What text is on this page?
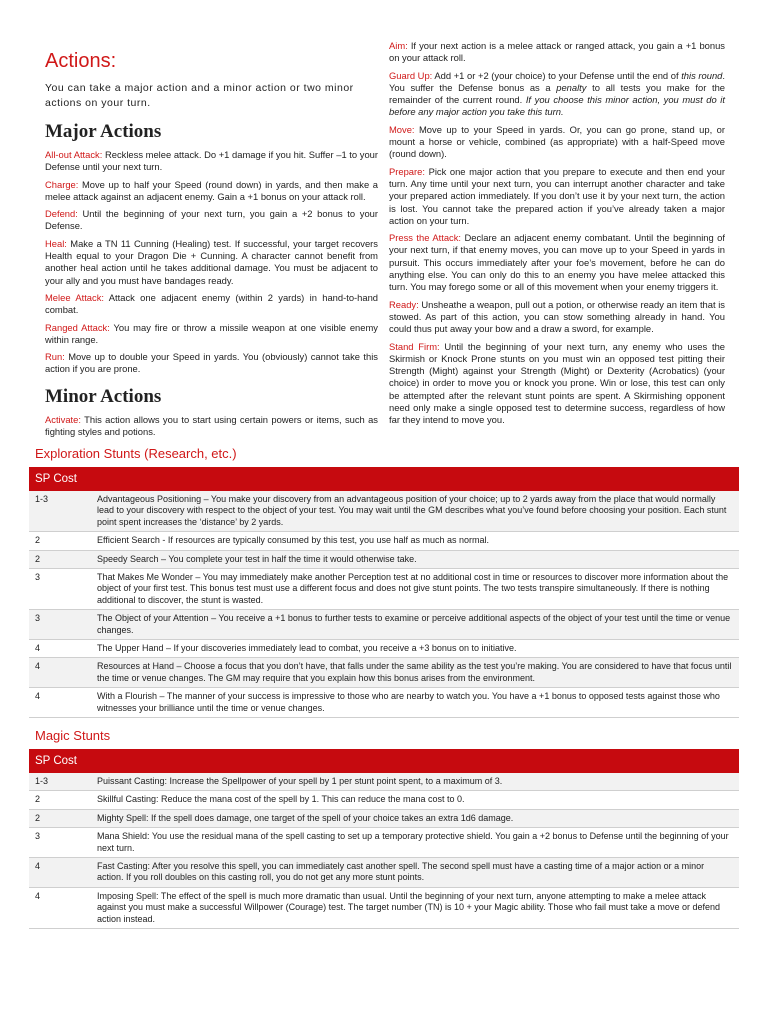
Actions:

You can take a major action and a minor action or two minor actions on your turn.

Major Actions

All-out Attack: Reckless melee attack. Do +1 damage if you hit. Suffer –1 to your Defense until your next turn.

Charge: Move up to half your Speed (round down) in yards, and then make a melee attack against an adjacent enemy. Gain a +1 bonus on your attack roll.

Defend: Until the beginning of your next turn, you gain a +2 bonus to your Defense.

Heal: Make a TN 11 Cunning (Healing) test. If successful, your target recovers Health equal to your Dragon Die + Cunning. A character cannot benefit from another heal action until he takes additional damage. You must be adjacent to your ally and you must have bandages ready.

Melee Attack: Attack one adjacent enemy (within 2 yards) in hand-to-hand combat.

Ranged Attack: You may fire or throw a missile weapon at one visible enemy within range.

Run: Move up to double your Speed in yards. You (obviously) cannot take this action if you are prone.

Minor Actions

Activate: This action allows you to start using certain powers or items, such as fighting styles and potions.

Aim: If your next action is a melee attack or ranged attack, you gain a +1 bonus on your attack roll.

Guard Up: Add +1 or +2 (your choice) to your Defense until the end of this round. You suffer the Defense bonus as a penalty to all tests you make for the remainder of the current round. If you choose this minor action, you must do it before any major action you take this turn.

Move: Move up to your Speed in yards. Or, you can go prone, stand up, or mount a horse or vehicle, combined (as appropriate) with a half-Speed move (round down).

Prepare: Pick one major action that you prepare to execute and then end your turn. Any time until your next turn, you can interrupt another character and take your prepared action immediately. If you don’t use it by your next turn, the action is lost. You cannot take the prepared action if you’ve already taken a major action on your turn.

Press the Attack: Declare an adjacent enemy combatant. Until the beginning of your next turn, if that enemy moves, you can move up to your Speed in yards in pursuit. This occurs immediately after your foe’s movement, before he can do anything else. You can only do this to an enemy you have melee attacked this turn. You may forego some or all of this movement when your enemy triggers it.

Ready: Unsheathe a weapon, pull out a potion, or otherwise ready an item that is stowed. As part of this action, you can stow something already in hand. You could thus put away your bow and a draw a sword, for example.

Stand Firm: Until the beginning of your next turn, any enemy who uses the Skirmish or Knock Prone stunts on you must win an opposed test pitting their Strength (Might) against your Strength (Might) or Dexterity (Acrobatics) (your choice) in order to move you or knock you prone. Win or lose, this test can only be attempted after the relevant stunt points are spent. A Skirmishing opponent need only make a single opposed test to determine success, regardless of how far they intend to move you.

Exploration Stunts (Research, etc.)
SP Cost	
1-3	Advantageous Positioning – You make your discovery from an advantageous position of your choice; up to 2 yards away from the place that would normally lead to your discovery with respect to the object of your test. You may wait until the GM describes what you’ve found before choosing your position. Each stunt point spent increases the ‘distance’ by 2 yards.
2	Efficient Search - If resources are typically consumed by this test, you use half as much as normal.
2	Speedy Search – You complete your test in half the time it would otherwise take.
3	That Makes Me Wonder – You may immediately make another Perception test at no additional cost in time or resources to discover more information about the object of your first test. This bonus test must use a different focus and does not give stunt points. The two tests transpire simultaneously. If there is nothing additional to discover, the stunt is wasted.
3	The Object of your Attention – You receive a +1 bonus to further tests to examine or perceive additional aspects of the object of your test until the time or venue changes.
4	The Upper Hand – If your discoveries immediately lead to combat, you receive a +3 bonus on to initiative.
4	Resources at Hand – Choose a focus that you don’t have, that falls under the same ability as the test you’re making. You are considered to have that focus until the time or venue changes. The GM may require that you explain how this bonus arises from the environment.
4	With a Flourish – The manner of your success is impressive to those who are nearby to watch you. You have a +1 bonus to opposed tests against those who witnesses your brilliance until the time or venue changes.
Magic Stunts
SP Cost	
1-3	Puissant Casting: Increase the Spellpower of your spell by 1 per stunt point spent, to a maximum of 3.
2	Skillful Casting: Reduce the mana cost of the spell by 1. This can reduce the mana cost to 0.
2	Mighty Spell: If the spell does damage, one target of the spell of your choice takes an extra 1d6 damage.
3	Mana Shield: You use the residual mana of the spell casting to set up a temporary protective shield. You gain a +2 bonus to Defense until the beginning of your next turn.
4	Fast Casting: After you resolve this spell, you can immediately cast another spell. The second spell must have a casting time of a major action or a minor action. If you roll doubles on this casting roll, you do not get any more stunt points.
4	Imposing Spell: The effect of the spell is much more dramatic than usual. Until the beginning of your next turn, anyone attempting to make a melee attack against you must make a successful Willpower (Courage) test. The target number (TN) is 10 + your Magic ability. Those who fail must take a move or defend action instead.
